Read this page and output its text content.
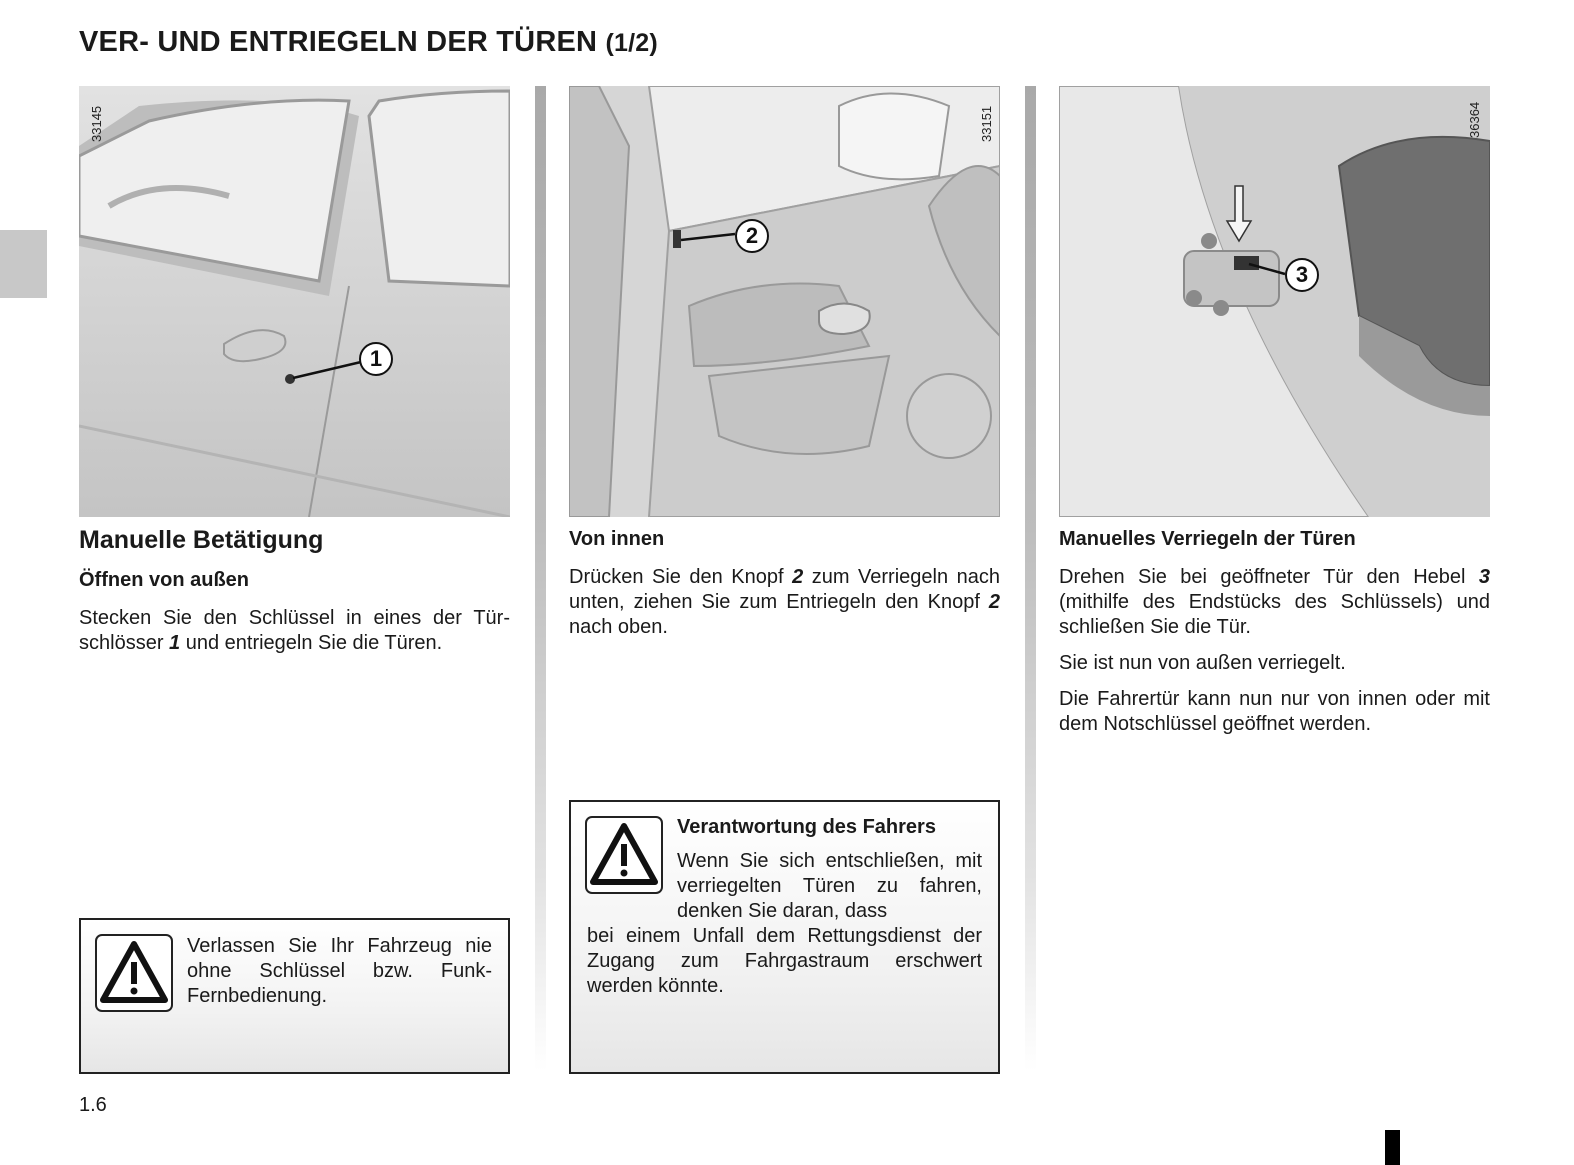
VER- UND ENTRIEGELN DER TÜREN (1/2)
33145
1
33151
2
36364
3
Manuelle Betätigung
Öffnen von außen
Stecken Sie den Schlüssel in eines der Türschlösser 1 und entriegeln Sie die Türen.
Von innen
Drücken Sie den Knopf 2 zum Verriegeln nach unten, ziehen Sie zum Entriegeln den Knopf 2 nach oben.
Manuelles Verriegeln der Türen
Drehen Sie bei geöffneter Tür den Hebel 3 (mithilfe des Endstücks des Schlüssels) und schließen Sie die Tür.
Sie ist nun von außen verriegelt.
Die Fahrertür kann nun nur von innen oder mit dem Notschlüssel geöffnet werden.
Verlassen Sie Ihr Fahrzeug nie ohne Schlüssel bzw. Funk-Fernbedienung.
Verantwortung des Fahrers
Wenn Sie sich entschließen, mit verriegelten Türen zu fahren, denken Sie daran, dass
bei einem Unfall dem Rettungsdienst der Zugang zum Fahrgastraum erschwert werden könnte.
1.6
